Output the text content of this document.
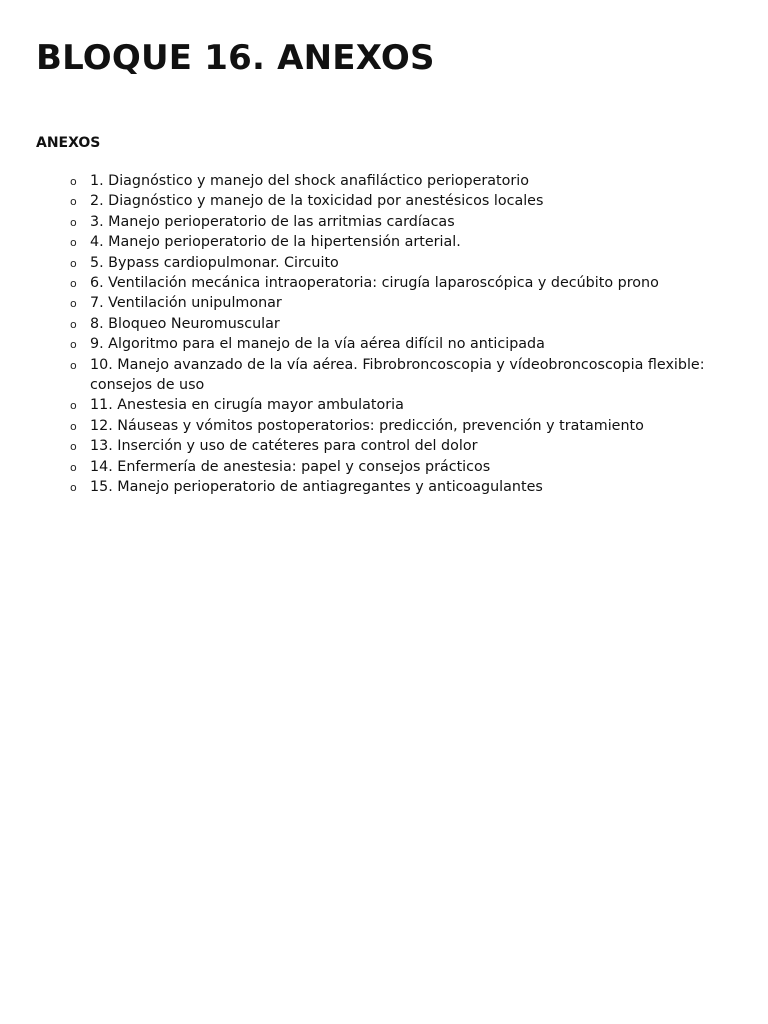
BLOQUE 16. ANEXOS
ANEXOS
o 1. Diagnóstico y manejo del shock anafiláctico perioperatorio
o 2. Diagnóstico y manejo de la toxicidad por anestésicos locales
o 3. Manejo perioperatorio de las arritmias cardíacas
o 4. Manejo perioperatorio de la hipertensión arterial.
o 5. Bypass cardiopulmonar. Circuito
o 6. Ventilación mecánica intraoperatoria: cirugía laparoscópica y decúbito prono
o 7. Ventilación unipulmonar
o 8. Bloqueo Neuromuscular
o 9. Algoritmo para el manejo de la vía aérea difícil no anticipada
o 10. Manejo avanzado de la vía aérea. Fibrobroncoscopia y vídeobroncoscopia flexible: consejos de uso
o 11. Anestesia en cirugía mayor ambulatoria
o 12. Náuseas y vómitos postoperatorios: predicción, prevención y tratamiento
o 13. Inserción y uso de catéteres para control del dolor
o 14. Enfermería de anestesia: papel y consejos prácticos
o 15. Manejo perioperatorio de antiagregantes y anticoagulantes
